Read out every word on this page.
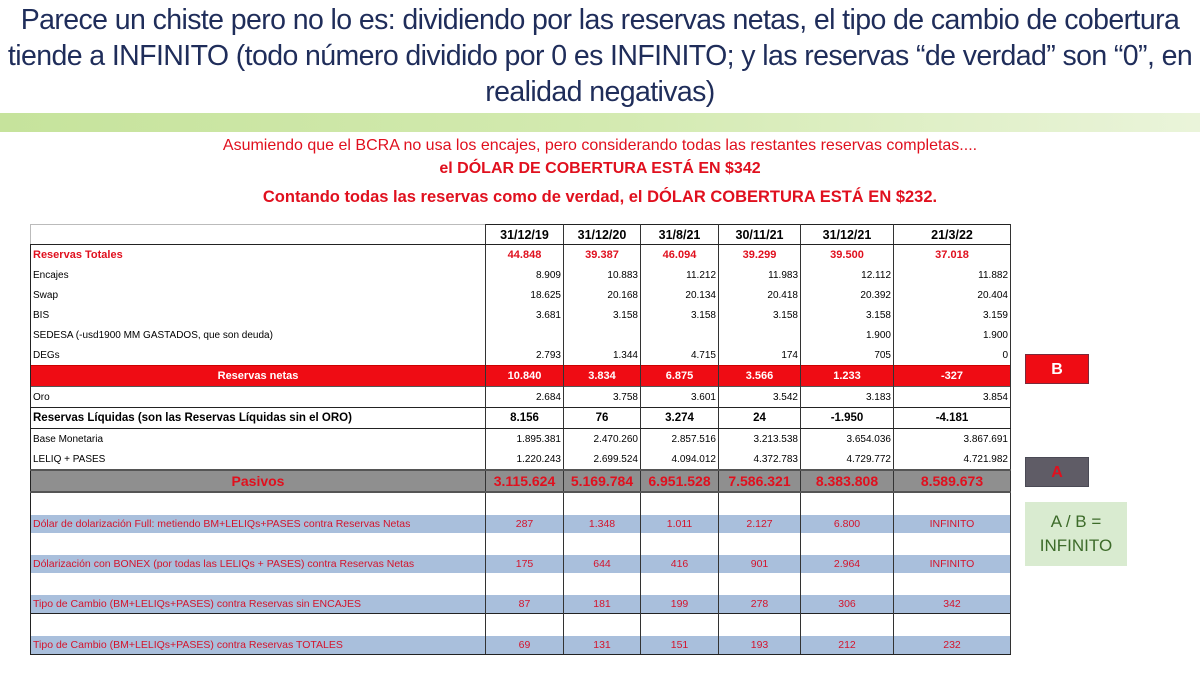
Parece un chiste pero no lo es: dividiendo por las reservas netas, el tipo de cambio de cobertura tiende a INFINITO (todo número dividido por 0 es INFINITO; y las reservas “de verdad” son “0”, en realidad negativas)
Asumiendo que el BCRA no usa los encajes, pero considerando todas las restantes reservas completas....
el DÓLAR DE COBERTURA ESTÁ EN $342
Contando todas las reservas como de verdad, el DÓLAR COBERTURA ESTÁ EN $232.
	31/12/19	31/12/20	31/8/21	30/11/21	31/12/21	21/3/22
Reservas Totales	44.848	39.387	46.094	39.299	39.500	37.018
Encajes	8.909	10.883	11.212	11.983	12.112	11.882
Swap	18.625	20.168	20.134	20.418	20.392	20.404
BIS	3.681	3.158	3.158	3.158	3.158	3.159
SEDESA (-usd1900 MM GASTADOS, que son deuda)					1.900	1.900
DEGs	2.793	1.344	4.715	174	705	0
Reservas netas	10.840	3.834	6.875	3.566	1.233	-327
Oro	2.684	3.758	3.601	3.542	3.183	3.854
Reservas Líquidas (son las Reservas Líquidas sin el ORO)	8.156	76	3.274	24	-1.950	-4.181
Base Monetaria	1.895.381	2.470.260	2.857.516	3.213.538	3.654.036	3.867.691
LELIQ + PASES	1.220.243	2.699.524	4.094.012	4.372.783	4.729.772	4.721.982
Pasivos	3.115.624	5.169.784	6.951.528	7.586.321	8.383.808	8.589.673

Dólar de dolarización Full: metiendo BM+LELIQs+PASES contra Reservas Netas	287	1.348	1.011	2.127	6.800	INFINITO

Dólarización con BONEX (por todas las LELIQs + PASES) contra Reservas Netas	175	644	416	901	2.964	INFINITO

Tipo de Cambio (BM+LELIQs+PASES) contra Reservas sin ENCAJES	87	181	199	278	306	342

Tipo de Cambio (BM+LELIQs+PASES) contra Reservas TOTALES	69	131	151	193	212	232
B
A
A / B =
INFINITO
